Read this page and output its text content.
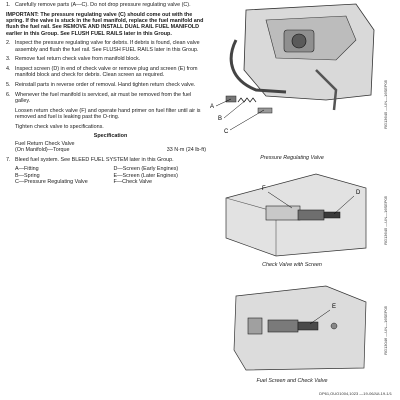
1. Carefully remove parts (A—C). Do not drop pressure regulating valve (C).
IMPORTANT: The pressure regulating valve (C) should come out with the spring. If the valve is stuck in the fuel manifold, replace the fuel manifold and flush the fuel rail. See REMOVE AND INSTALL DUAL RAIL FUEL MANIFOLD earlier in this Group. See FLUSH FUEL RAILS later in this Group.
2. Inspect the pressure regulating valve for debris. If debris is found, clean valve assembly and flush the fuel rail. See FLUSH FUEL RAILS later in this Group.
3. Remove fuel return check valve from manifold block.
4. Inspect screen (D) in end of check valve or remove plug and screen (E) from manifold block and check for debris. Clean screen as required.
5. Reinstall parts in reverse order of removal. Hand tighten return check valve.
6. Whenever the fuel manifold is serviced, air must be removed from the fuel galley.
Loosen return check valve (F) and operate hand primer on fuel filter until air is removed and fuel is leaking past the O-ring.
Tighten check valve to specifications.
Specification
Fuel Return Check Valve
(On Manifold)—Torque	33 N·m (24 lb-ft)
7. Bleed fuel system. See BLEED FUEL SYSTEM later in this Group.
A—Fitting	D—Screen (Early Engines)
B—Spring	E—Screen (Later Engines)
C—Pressure Regulating Valve	F—Check Valve
A
B
C
Pressure Regulating Valve
F
D
Check Valve with Screen
E
Fuel Screen and Check Valve
RG13645 —UN—16SEP05
RG13645 —UN—16SEP05
RG13046 —UN—16SEP05
DP61,OUO1004,1023 —19-06JUL19-1/1
